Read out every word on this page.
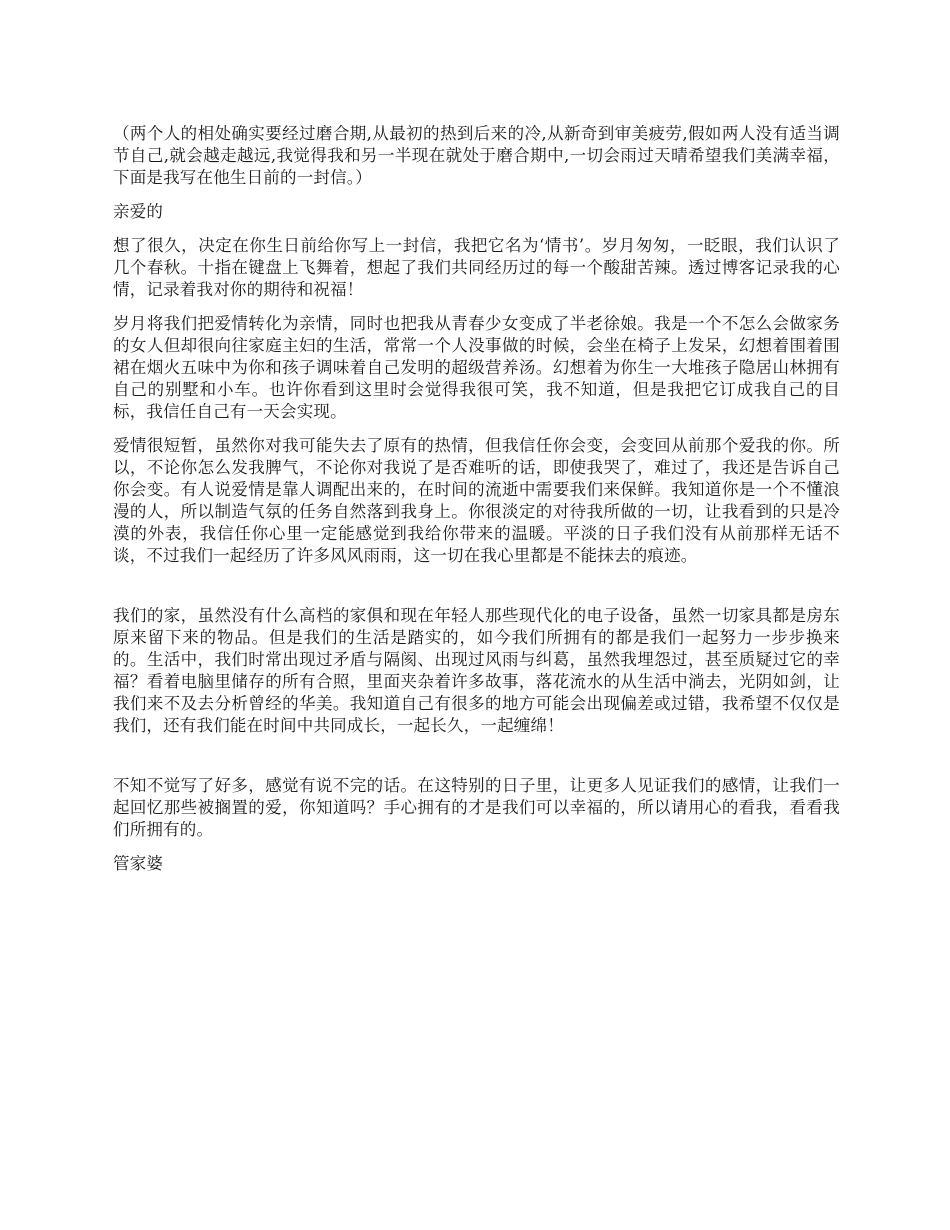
（两个人的相处确实要经过磨合期,从最初的热到后来的冷,从新奇到审美疲劳,假如两人没有适当调节自己,就会越走越远,我觉得我和另一半现在就处于磨合期中,一切会雨过天晴希望我们美满幸福，下面是我写在他生日前的一封信。）

亲爱的

想了很久，决定在你生日前给你写上一封信，我把它名为‘情书’。岁月匆匆，一眨眼，我们认识了几个春秋。十指在键盘上飞舞着，想起了我们共同经历过的每一个酸甜苦辣。透过博客记录我的心情，记录着我对你的期待和祝福！

岁月将我们把爱情转化为亲情，同时也把我从青春少女变成了半老徐娘。我是一个不怎么会做家务的女人但却很向往家庭主妇的生活，常常一个人没事做的时候，会坐在椅子上发呆，幻想着围着围裙在烟火五味中为你和孩子调味着自己发明的超级营养汤。幻想着为你生一大堆孩子隐居山林拥有自己的别墅和小车。也许你看到这里时会觉得我很可笑，我不知道，但是我把它订成我自己的目标，我信任自己有一天会实现。

爱情很短暂，虽然你对我可能失去了原有的热情，但我信任你会变，会变回从前那个爱我的你。所以，不论你怎么发我脾气，不论你对我说了是否难听的话，即使我哭了，难过了，我还是告诉自己你会变。有人说爱情是靠人调配出来的，在时间的流逝中需要我们来保鲜。我知道你是一个不懂浪漫的人，所以制造气氛的任务自然落到我身上。你很淡定的对待我所做的一切，让我看到的只是冷漠的外表，我信任你心里一定能感觉到我给你带来的温暖。平淡的日子我们没有从前那样无话不谈，不过我们一起经历了许多风风雨雨，这一切在我心里都是不能抹去的痕迹。

我们的家，虽然没有什么高档的家俱和现在年轻人那些现代化的电子设备，虽然一切家具都是房东原来留下来的物品。但是我们的生活是踏实的，如今我们所拥有的都是我们一起努力一步步换来的。生活中，我们时常出现过矛盾与隔阂、出现过风雨与纠葛，虽然我埋怨过，甚至质疑过它的幸福？看着电脑里储存的所有合照，里面夹杂着许多故事，落花流水的从生活中淌去，光阴如剑，让我们来不及去分析曾经的华美。我知道自己有很多的地方可能会出现偏差或过错，我希望不仅仅是我们，还有我们能在时间中共同成长，一起长久，一起缠绵！

不知不觉写了好多，感觉有说不完的话。在这特别的日子里，让更多人见证我们的感情，让我们一起回忆那些被搁置的爱，你知道吗？手心拥有的才是我们可以幸福的，所以请用心的看我，看看我们所拥有的。

管家婆
